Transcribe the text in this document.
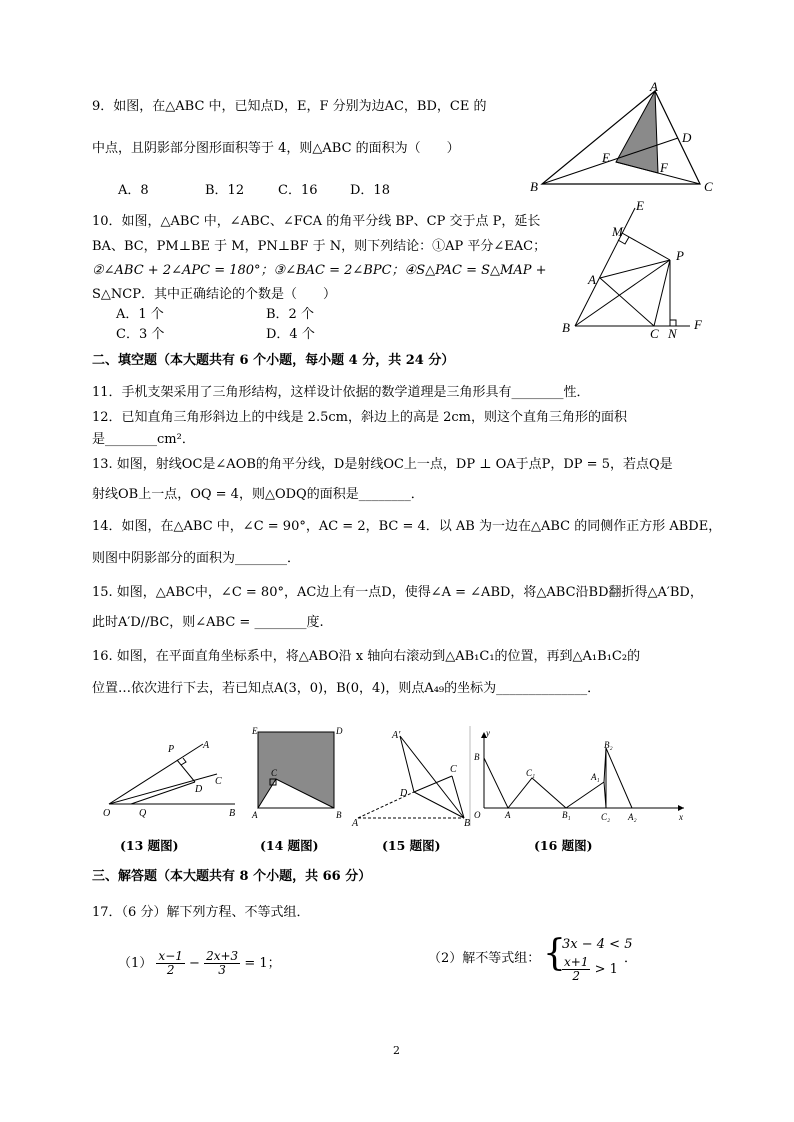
9．如图，在△ABC 中，已知点D，E，F 分别为边AC，BD，CE 的
中点，且阴影部分图形面积等于 4，则△ABC 的面积为（　　）
A．8	B．12	C．16	D．18
A
B	C
D
E
F
10．如图，△ABC 中，∠ABC、∠FCA 的角平分线 BP、CP 交于点 P，延长
BA、BC，PM⊥BE 于 M，PN⊥BF 于 N，则下列结论：①AP 平分∠EAC；
②∠ABC + 2∠APC = 180°；③∠BAC = 2∠BPC；④S△PAC = S△MAP +
S△NCP．其中正确结论的个数是（　　）
A．1 个	B．2 个
C．3 个	D．4 个
E
M
P
A
B	C N
F
二、填空题（本大题共有 6 个小题，每小题 4 分，共 24 分）
11．手机支架采用了三角形结构，这样设计依据的数学道理是三角形具有________性．
12．已知直角三角形斜边上的中线是 2.5cm，斜边上的高是 2cm，则这个直角三角形的面积
是________cm²．
13. 如图，射线OC是∠AOB的角平分线，D是射线OC上一点，DP ⊥ OA于点P，DP = 5，若点Q是
射线OB上一点，OQ = 4，则△ODQ的面积是________．
14．如图，在△ABC 中，∠C = 90°，AC = 2，BC = 4．以 AB 为一边在△ABC 的同侧作正方形 ABDE，
则图中阴影部分的面积为________．
15. 如图，△ABC中，∠C = 80°，AC边上有一点D，使得∠A = ∠ABD，将△ABC沿BD翻折得△A′BD，
此时A′D//BC，则∠ABC = ________度.
16. 如图，在平面直角坐标系中，将△ABO沿 x 轴向右滚动到△AB₁C₁的位置，再到△A₁B₁C₂的
位置…依次进行下去，若已知点A(3，0)，B(0，4)，则点A₄₉的坐标为______________．
P	A
C
D
O	Q	B
E	D
C
A	B
A′
C
D
A	B
y
B
O	A
C₁
B₁
B₂
A₁
C₂ A₂	x
(13 题图)	(14 题图)	(15 题图)	(16 题图)
三、解答题（本大题共有 8 个小题，共 66 分）
17．（6 分）解下列方程、不等式组．
$(1) \frac{x-1}{2} - \frac{2x+3}{3} = 1$；	（2）解不等式组： {
3x − 4 < 5
$\frac{x+1}{2} > 1$
．
2
